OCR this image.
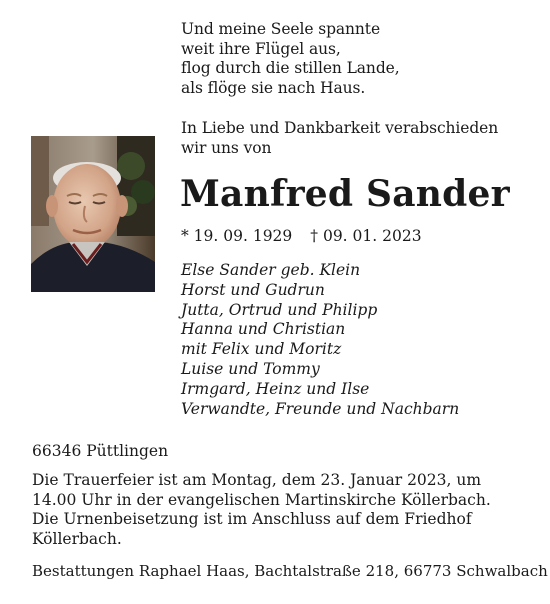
Und meine Seele spannte
weit ihre Flügel aus,
flog durch die stillen Lande,
als flöge sie nach Haus.
In Liebe und Dankbarkeit verabschieden
wir uns von
Manfred Sander
* 19. 09. 1929 † 09. 01. 2023
Else Sander geb. Klein
Horst und Gudrun
Jutta, Ortrud und Philipp
Hanna und Christian
mit Felix und Moritz
Luise und Tommy
Irmgard, Heinz und Ilse
Verwandte, Freunde und Nachbarn
66346 Püttlingen
Die Trauerfeier ist am Montag, dem 23. Januar 2023, um
14.00 Uhr in der evangelischen Martinskirche Köllerbach.
Die Urnenbeisetzung ist im Anschluss auf dem Friedhof
Köllerbach.
Bestattungen Raphael Haas, Bachtalstraße 218, 66773 Schwalbach
